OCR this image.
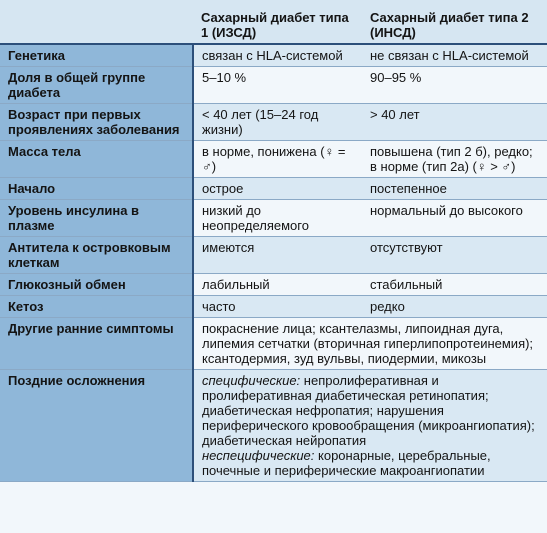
	Сахарный диабет типа 1 (ИЗСД)	Сахарный диабет типа 2 (ИНСД)
Генетика	связан с HLA-системой	не связан с HLA-системой
Доля в общей группе диабета	5–10 %	90–95 %
Возраст при первых проявлениях заболевания	< 40 лет (15–24 год жизни)	> 40 лет
Масса тела	в норме, понижена (♀ = ♂)	повышена (тип 2 б), редко; в норме (тип 2а) (♀ > ♂)
Начало	острое	постепенное
Уровень инсулина в плазме	низкий до неопределяемого	нормальный до высокого
Антитела к островковым клеткам	имеются	отсутствуют
Глюкозный обмен	лабильный	стабильный
Кетоз	часто	редко
Другие ранние симптомы	покраснение лица; ксантелазмы, липоидная дуга, липемия сетчатки (вторичная гиперлипопротеинемия); ксантодермия, зуд вульвы, пиодермии, микозы	
Поздние осложнения	специфические: непролиферативная и пролиферативная диабетическая ретинопатия; диабетическая нефропатия; нарушения периферического кровообращения (микроангиопатия); диабетическая нейропатия
неспецифические: коронарные, церебральные, почечные и периферические макроангиопатии	
